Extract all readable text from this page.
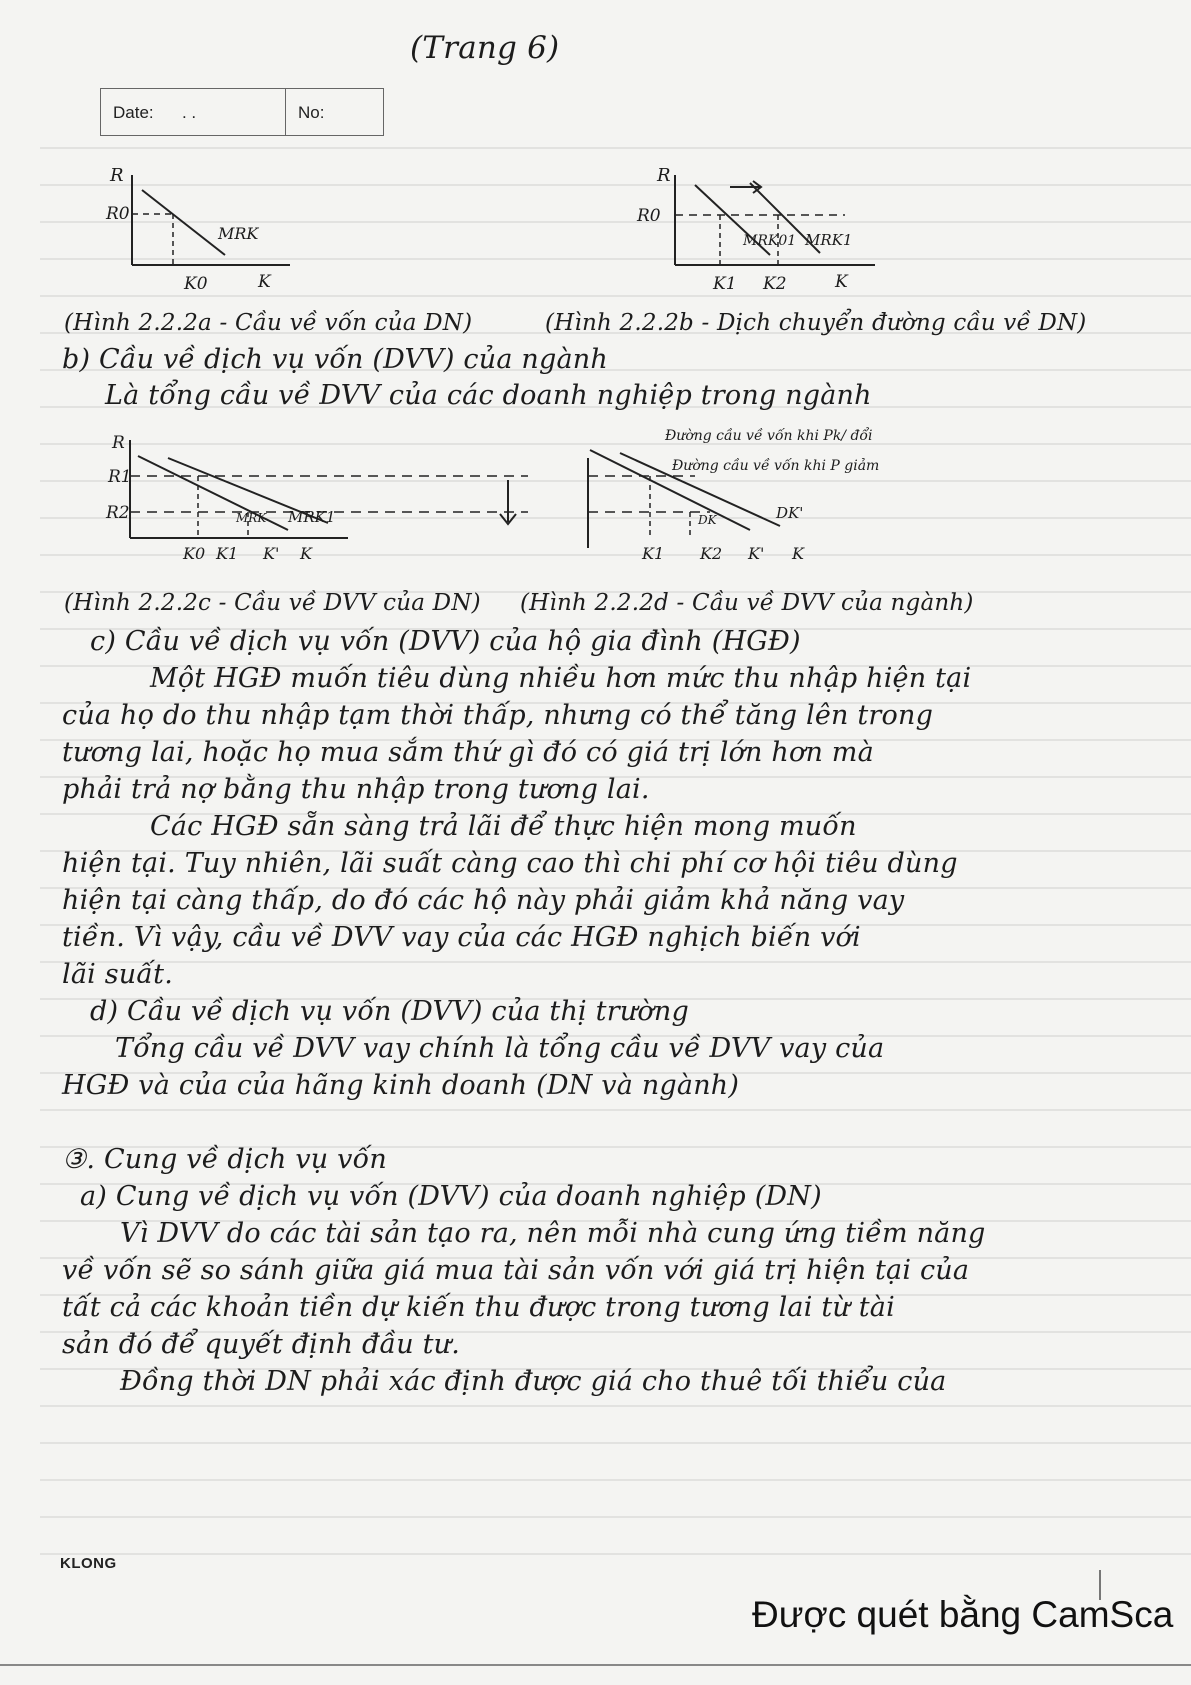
(Trang 6)
Date: . .	No:
R
R0
MRK
K0	K
R
R0
MRK01 MRK1
K1 K2	K
(Hình 2.2.2a - Cầu về vốn của DN)	(Hình 2.2.2b - Dịch chuyển đường cầu về DN)
b) Cầu về dịch vụ vốn (DVV) của ngành
Là tổng cầu về DVV của các doanh nghiệp trong ngành
R
R1
R2	MRK MRK1
K0 K1 K' K
Đường cầu về vốn khi Pk/ đổi
Đường cầu về vốn khi P giảm
DK	DK'
K1 K2 K' K
(Hình 2.2.2c - Cầu về DVV của DN) (Hình 2.2.2d - Cầu về DVV của ngành)
c) Cầu về dịch vụ vốn (DVV) của hộ gia đình (HGĐ)
Một HGĐ muốn tiêu dùng nhiều hơn mức thu nhập hiện tại
của họ do thu nhập tạm thời thấp, nhưng có thể tăng lên trong
tương lai, hoặc họ mua sắm thứ gì đó có giá trị lớn hơn mà
phải trả nợ bằng thu nhập trong tương lai.
Các HGĐ sẵn sàng trả lãi để thực hiện mong muốn
hiện tại. Tuy nhiên, lãi suất càng cao thì chi phí cơ hội tiêu dùng
hiện tại càng thấp, do đó các hộ này phải giảm khả năng vay
tiền. Vì vậy, cầu về DVV vay của các HGĐ nghịch biến với
lãi suất.
d) Cầu về dịch vụ vốn (DVV) của thị trường
Tổng cầu về DVV vay chính là tổng cầu về DVV vay của
HGĐ và của của hãng kinh doanh (DN và ngành)
③. Cung về dịch vụ vốn
a) Cung về dịch vụ vốn (DVV) của doanh nghiệp (DN)
Vì DVV do các tài sản tạo ra, nên mỗi nhà cung ứng tiềm năng
về vốn sẽ so sánh giữa giá mua tài sản vốn với giá trị hiện tại của
tất cả các khoản tiền dự kiến thu được trong tương lai từ tài
sản đó để quyết định đầu tư.
Đồng thời DN phải xác định được giá cho thuê tối thiểu của
KLONG
Được quét bằng CamSca
